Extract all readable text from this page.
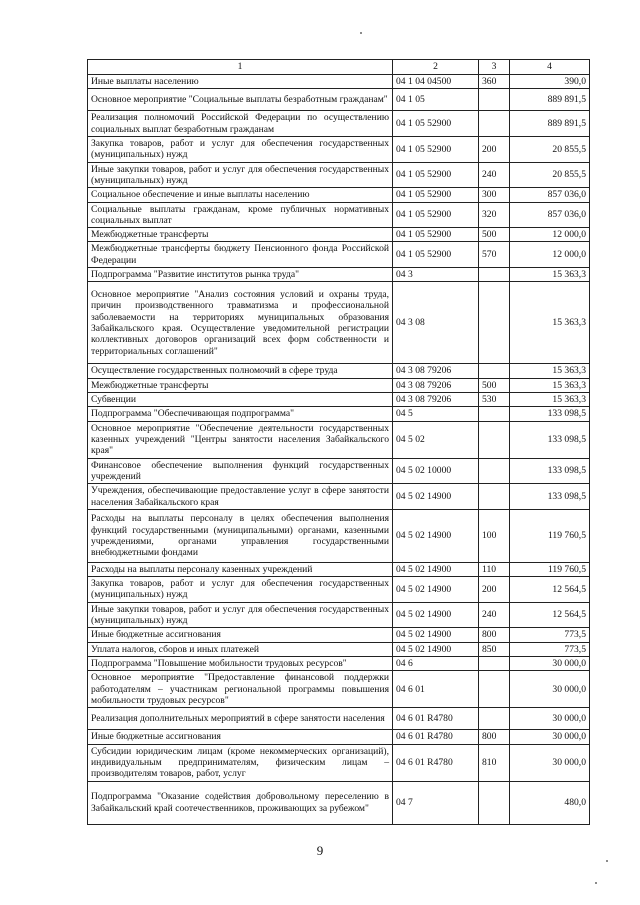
1	2	3	4
Иные выплаты населению	04 1 04 04500	360	390,0
Основное мероприятие "Социальные выплаты безработным гражданам"	04 1 05		889 891,5
Реализация полномочий Российской Федерации по осуществлению социальных выплат безработным гражданам	04 1 05 52900		889 891,5
Закупка товаров, работ и услуг для обеспечения государственных (муниципальных) нужд	04 1 05 52900	200	20 855,5
Иные закупки товаров, работ и услуг для обеспечения государственных (муниципальных) нужд	04 1 05 52900	240	20 855,5
Социальное обеспечение и иные выплаты населению	04 1 05 52900	300	857 036,0
Социальные выплаты гражданам, кроме публичных нормативных социальных выплат	04 1 05 52900	320	857 036,0
Межбюджетные трансферты	04 1 05 52900	500	12 000,0
Межбюджетные трансферты бюджету Пенсионного фонда Российской Федерации	04 1 05 52900	570	12 000,0
Подпрограмма "Развитие институтов рынка труда"	04 3		15 363,3
Основное мероприятие "Анализ состояния условий и охраны труда, причин производственного травматизма и профессиональной заболеваемости на территориях муниципальных образования Забайкальского края. Осуществление уведомительной регистрации коллективных договоров организаций всех форм собственности и территориальных соглашений"	04 3 08		15 363,3
Осуществление государственных полномочий в сфере труда	04 3 08 79206		15 363,3
Межбюджетные трансферты	04 3 08 79206	500	15 363,3
Субвенции	04 3 08 79206	530	15 363,3
Подпрограмма "Обеспечивающая подпрограмма"	04 5		133 098,5
Основное мероприятие "Обеспечение деятельности государственных казенных учреждений "Центры занятости населения Забайкальского края"	04 5 02		133 098,5
Финансовое обеспечение выполнения функций государственных учреждений	04 5 02 10000		133 098,5
Учреждения, обеспечивающие предоставление услуг в сфере занятости населения Забайкальского края	04 5 02 14900		133 098,5
Расходы на выплаты персоналу в целях обеспечения выполнения функций государственными (муниципальными) органами, казенными учреждениями, органами управления государственными внебюджетными фондами	04 5 02 14900	100	119 760,5
Расходы на выплаты персоналу казенных учреждений	04 5 02 14900	110	119 760,5
Закупка товаров, работ и услуг для обеспечения государственных (муниципальных) нужд	04 5 02 14900	200	12 564,5
Иные закупки товаров, работ и услуг для обеспечения государственных (муниципальных) нужд	04 5 02 14900	240	12 564,5
Иные бюджетные ассигнования	04 5 02 14900	800	773,5
Уплата налогов, сборов и иных платежей	04 5 02 14900	850	773,5
Подпрограмма "Повышение мобильности трудовых ресурсов"	04 6		30 000,0
Основное мероприятие "Предоставление финансовой поддержки работодателям – участникам региональной программы повышения мобильности трудовых ресурсов"	04 6 01		30 000,0
Реализация дополнительных мероприятий в сфере занятости населения	04 6 01 R4780		30 000,0
Иные бюджетные ассигнования	04 6 01 R4780	800	30 000,0
Субсидии юридическим лицам (кроме некоммерческих организаций), индивидуальным предпринимателям, физическим лицам – производителям товаров, работ, услуг	04 6 01 R4780	810	30 000,0
Подпрограмма "Оказание содействия добровольному переселению в Забайкальский край соотечественников, проживающих за рубежом"	04 7		480,0
9
